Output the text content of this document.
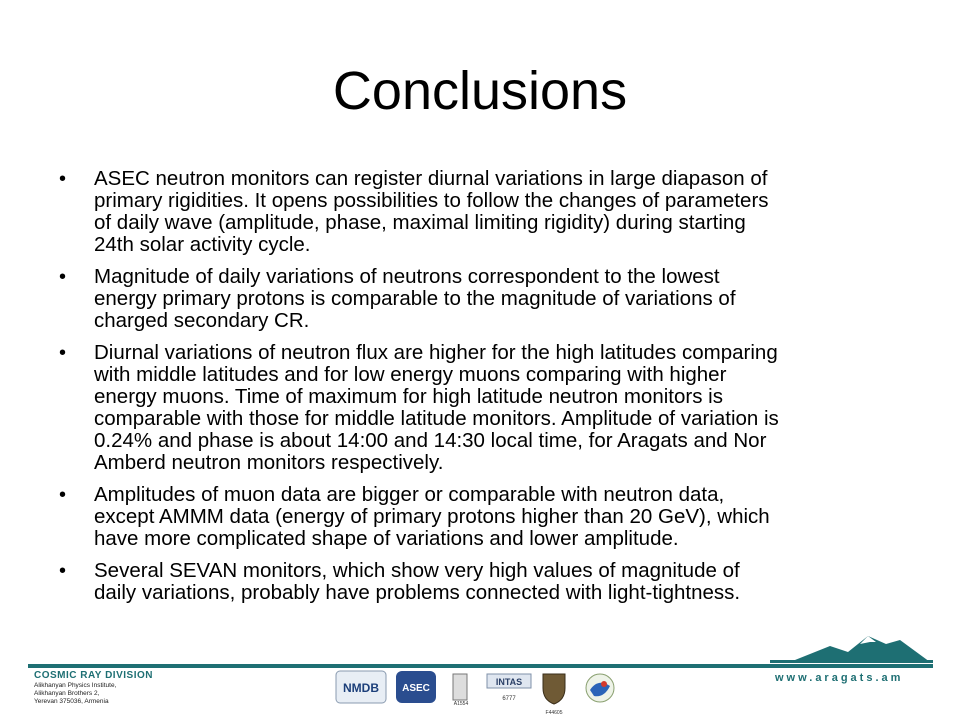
Conclusions
• ASEC neutron monitors can register diurnal variations in large diapason of
primary rigidities. It opens possibilities to follow the changes of parameters
of daily wave (amplitude, phase, maximal limiting rigidity) during starting
24th solar activity cycle.
• Magnitude of daily variations of neutrons correspondent to the lowest
energy primary protons is comparable to the magnitude of variations of
charged secondary CR.
• Diurnal variations of neutron flux are higher for the high latitudes comparing
with middle latitudes and for low energy muons comparing with higher
energy muons. Time of maximum for high latitude neutron monitors is
comparable with those for middle latitude monitors. Amplitude of variation is
0.24% and phase is about 14:00 and 14:30 local time, for Aragats and Nor
Amberd neutron monitors respectively.
• Amplitudes of muon data are bigger or comparable with neutron data,
except AMMM data (energy of primary protons higher than 20 GeV), which
have more complicated shape of variations and lower amplitude.
• Several SEVAN monitors, which show very high values of magnitude of
daily variations, probably have problems connected with light-tightness.
COSMIC RAY DIVISION
Alikhanyan Physics Institute,
Alikhanyan Brothers 2,
Yerevan 375036, Armenia
NMDB ASEC
A1554
INTAS
6777
F44605
www.aragats.am
